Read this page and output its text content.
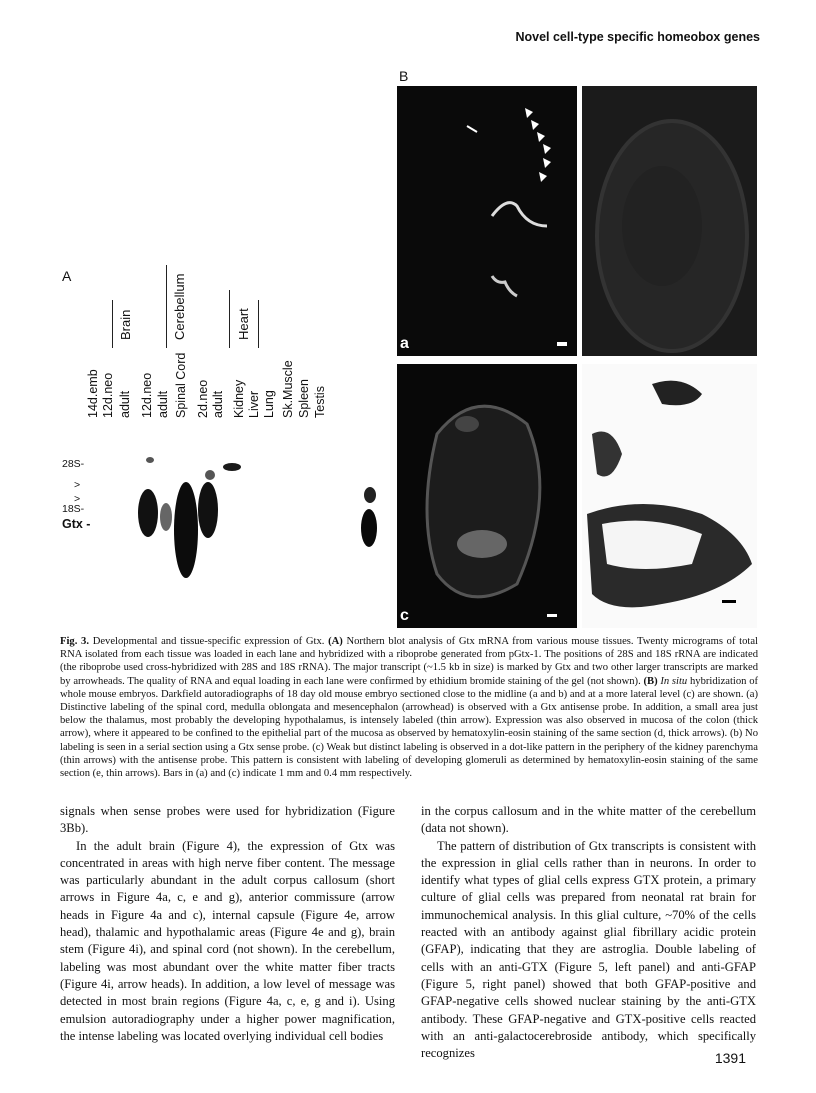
Novel cell-type specific homeobox genes
A
Brain	Cerebellum	Heart
14d.emb 12d.neo adult 12d.neo adult Spinal Cord 2d.neo adult Kidney Liver Lung Sk.Muscle Spleen Testis
28S-
>
>
18S-
Gtx -
B
a
c
Fig. 3. Developmental and tissue-specific expression of Gtx. (A) Northern blot analysis of Gtx mRNA from various mouse tissues. Twenty micrograms of total RNA isolated from each tissue was loaded in each lane and hybridized with a riboprobe generated from pGtx-1. The positions of 28S and 18S rRNA are indicated (the riboprobe used cross-hybridized with 28S and 18S rRNA). The major transcript (~1.5 kb in size) is marked by Gtx and two other larger transcripts are marked by arrowheads. The quality of RNA and equal loading in each lane were confirmed by ethidium bromide staining of the gel (not shown). (B) In situ hybridization of whole mouse embryos. Darkfield autoradiographs of 18 day old mouse embryo sectioned close to the midline (a and b) and at a more lateral level (c) are shown. (a) Distinctive labeling of the spinal cord, medulla oblongata and mesencephalon (arrowhead) is observed with a Gtx antisense probe. In addition, a small area just below the thalamus, most probably the developing hypothalamus, is intensely labeled (thin arrow). Expression was also observed in mucosa of the colon (thick arrow), where it appeared to be confined to the epithelial part of the mucosa as observed by hematoxylin-eosin staining of the same section (d, thick arrows). (b) No labeling is seen in a serial section using a Gtx sense probe. (c) Weak but distinct labeling is observed in a dot-like pattern in the periphery of the kidney parenchyma (thin arrows) with the antisense probe. This pattern is consistent with labeling of developing glomeruli as determined by hematoxylin-eosin staining of the same section (e, thin arrows). Bars in (a) and (c) indicate 1 mm and 0.4 mm respectively.

signals when sense probes were used for hybridization (Figure 3Bb).

In the adult brain (Figure 4), the expression of Gtx was concentrated in areas with high nerve fiber content. The message was particularly abundant in the adult corpus callosum (short arrows in Figure 4a, c, e and g), anterior commissure (arrow heads in Figure 4a and c), internal capsule (Figure 4e, arrow head), thalamic and hypothalamic areas (Figure 4e and g), brain stem (Figure 4i), and spinal cord (not shown). In the cerebellum, labeling was most abundant over the white matter fiber tracts (Figure 4i, arrow heads). In addition, a low level of message was detected in most brain regions (Figure 4a, c, e, g and i). Using emulsion autoradiography under a higher power magnification, the intense labeling was located overlying individual cell bodies

in the corpus callosum and in the white matter of the cerebellum (data not shown).

The pattern of distribution of Gtx transcripts is consistent with the expression in glial cells rather than in neurons. In order to identify what types of glial cells express GTX protein, a primary culture of glial cells was prepared from neonatal rat brain for immunochemical analysis. In this glial culture, ~70% of the cells reacted with an antibody against glial fibrillary acidic protein (GFAP), indicating that they are astroglia. Double labeling of cells with an anti-GTX (Figure 5, left panel) and anti-GFAP (Figure 5, right panel) showed that both GFAP-positive and GFAP-negative cells showed nuclear staining by the anti-GTX antibody. These GFAP-negative and GTX-positive cells reacted with an anti-galactocerebroside antibody, which specifically recognizes	1391
